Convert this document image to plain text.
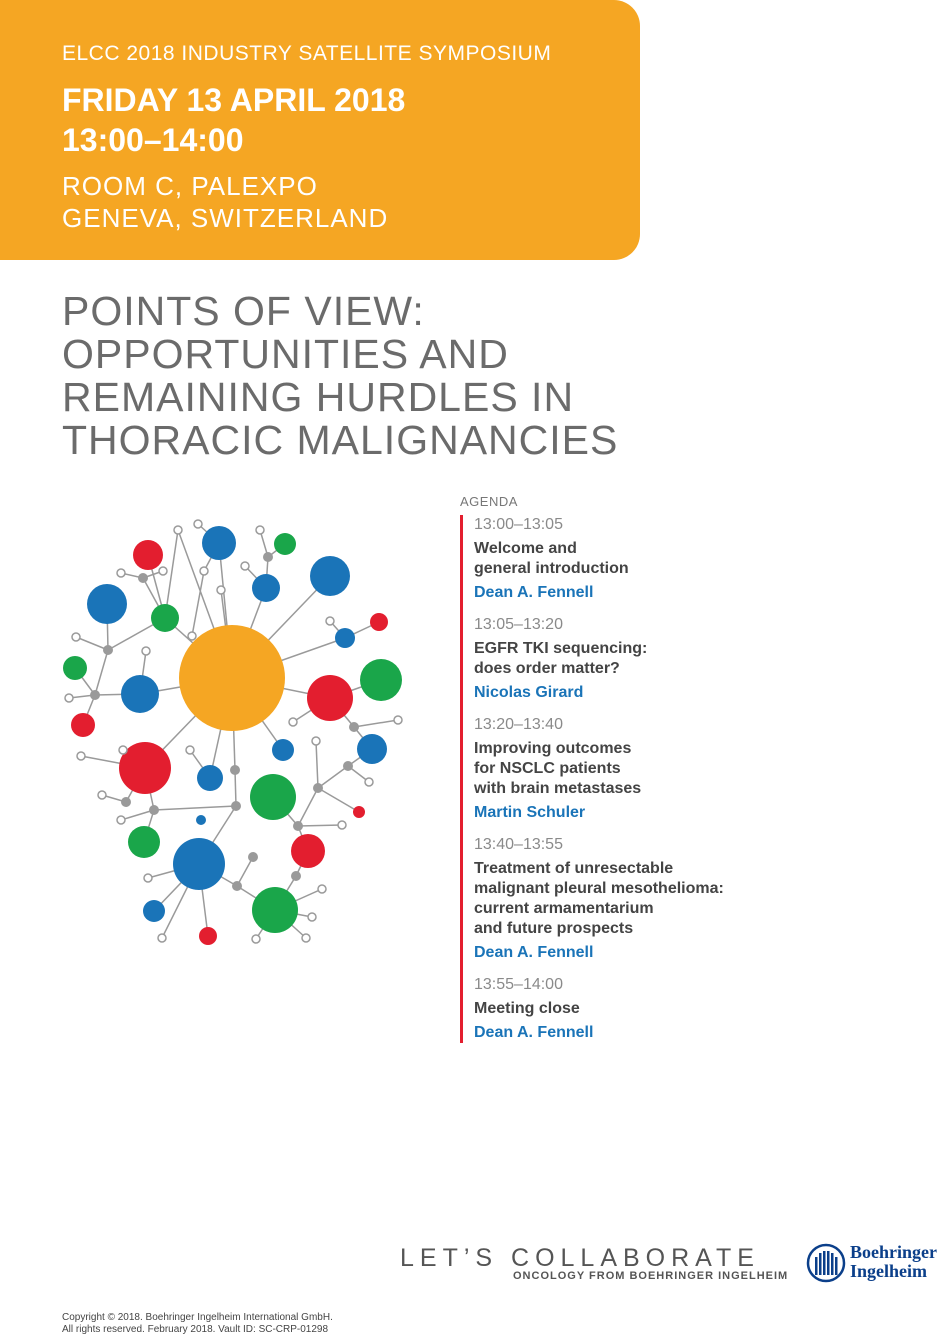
ELCC 2018 INDUSTRY SATELLITE SYMPOSIUM
FRIDAY 13 APRIL 2018
13:00–14:00
ROOM C, PALEXPO
GENEVA, SWITZERLAND
POINTS OF VIEW:
OPPORTUNITIES AND
REMAINING HURDLES IN
THORACIC MALIGNANCIES
AGENDA
13:00–13:05
Welcome and
general introduction
Dean A. Fennell
13:05–13:20
EGFR TKI sequencing:
does order matter?
Nicolas Girard
13:20–13:40
Improving outcomes
for NSCLC patients
with brain metastases
Martin Schuler
13:40–13:55
Treatment of unresectable
malignant pleural mesothelioma:
current armamentarium
and future prospects
Dean A. Fennell
13:55–14:00
Meeting close
Dean A. Fennell
LET’S COLLABORATE
ONCOLOGY FROM BOEHRINGER INGELHEIM
Boehringer
Ingelheim
Copyright © 2018. Boehringer Ingelheim International GmbH.
All rights reserved. February 2018. Vault ID: SC-CRP-01298
